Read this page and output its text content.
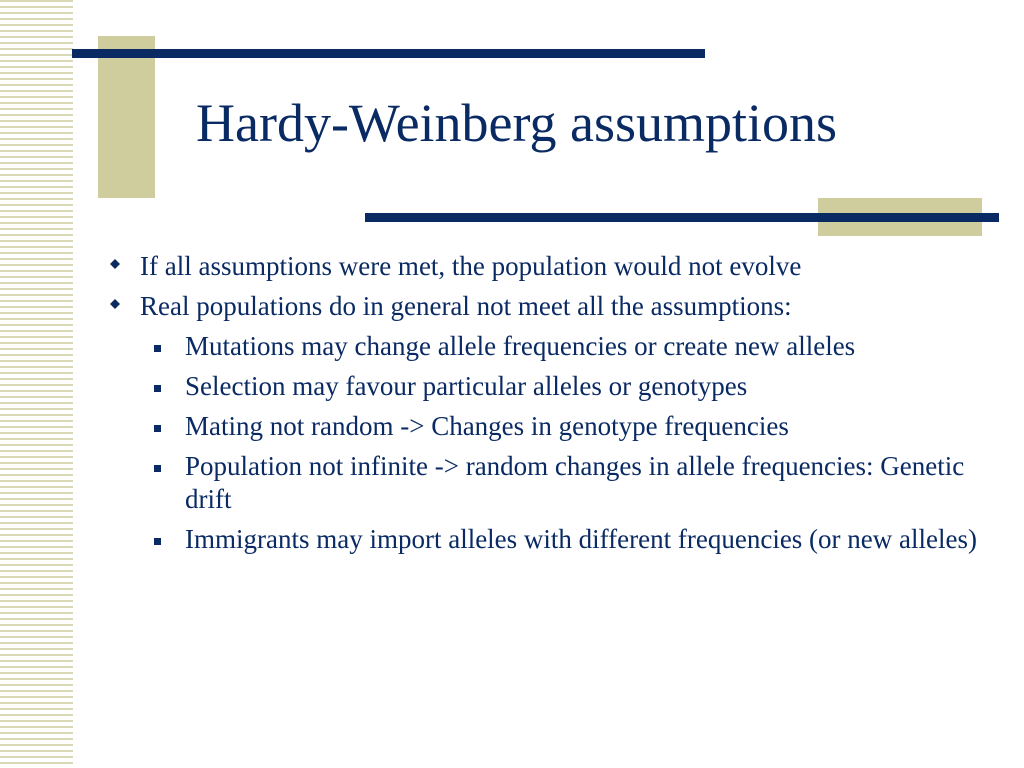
Hardy-Weinberg assumptions
If all assumptions were met, the population would not evolve
Real populations do in general not meet all the assumptions:
Mutations may change allele frequencies or create new alleles
Selection may favour particular alleles or genotypes
Mating not random -> Changes in genotype frequencies
Population not infinite -> random changes in allele frequencies: Genetic drift
Immigrants may import alleles with different frequencies (or new alleles)
